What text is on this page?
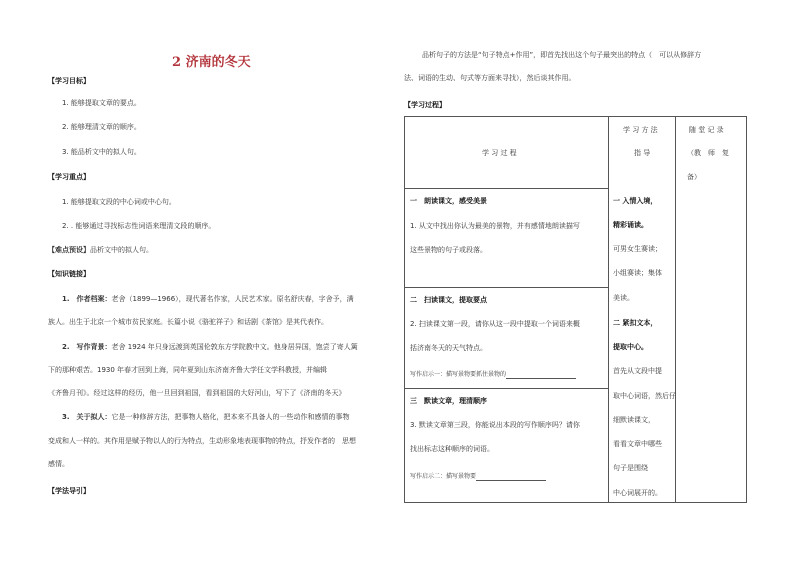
2 济南的冬天
【学习目标】
1. 能够提取文章的要点。
2. 能够理清文章的顺序。
3. 能品析文中的拟人句。
【学习重点】
1. 能够提取文段的中心词或中心句。
2. . 能够通过寻找标志性词语来理清文段的顺序。
【难点预设】品析文中的拟人句。
【知识链接】
1.　作者档案：老舍（1899—1966），现代著名作家，人民艺术家。原名舒庆春，字舍予，满
族人。出生于北京一个城市贫民家庭。长篇小说《骆驼祥子》和话剧《茶馆》是其代表作。
2.　写作背景：老舍 1924 年只身远渡到英国伦敦东方学院教中文。他身居异国，饱尝了寄人篱
下的那种艰苦。1930 年春才回到上海，同年夏到山东济南齐鲁大学任文学科教授，并编辑
《齐鲁月刊》。经过这样的经历，他一旦回到祖国，看到祖国的大好河山，写下了《济南的冬天》
3.　关于拟人：它是一种修辞方法，把事物人格化，把本来不具备人的一些动作和感情的事物
变成和人一样的。其作用是赋予物以人的行为特点，生动形象地表现事物的特点，抒发作者的　思想
感情。
【学法导引】
品析句子的方法是“句子特点+作用”，即首先找出这个句子最突出的特点（　可以从修辞方
法、词语的生动、句式等方面来寻找），然后谈其作用。
【学习过程】
学 习 过 程
学 习 方 法
指 导
随 堂 记 录
（教　师　复
备）
一　朗读课文，感受美景
1. 从文中找出你认为最美的景物，并有感情地朗读描写
这些景物的句子或段落。
二　扫读课文，提取要点
2. 扫读课文第一段，请你从这一段中提取一个词语来概
括济南冬天的天气特点。
写作启示一：描写景物要抓住景物的
三　默读文章，理清顺序
3. 默读文章第三段，你能说出本段的写作顺序吗？请你
找出标志这种顺序的词语。
写作启示二：描写景物要
一 入情入境，
精彩诵读。
可男女生赛读；
小组赛读；集体
美读。
二 紧扣文本，
提取中心。
首先从文段中提
取中心词语，然后仔
细默读课文，
看看文章中哪些
句子是围绕
中心词展开的。
